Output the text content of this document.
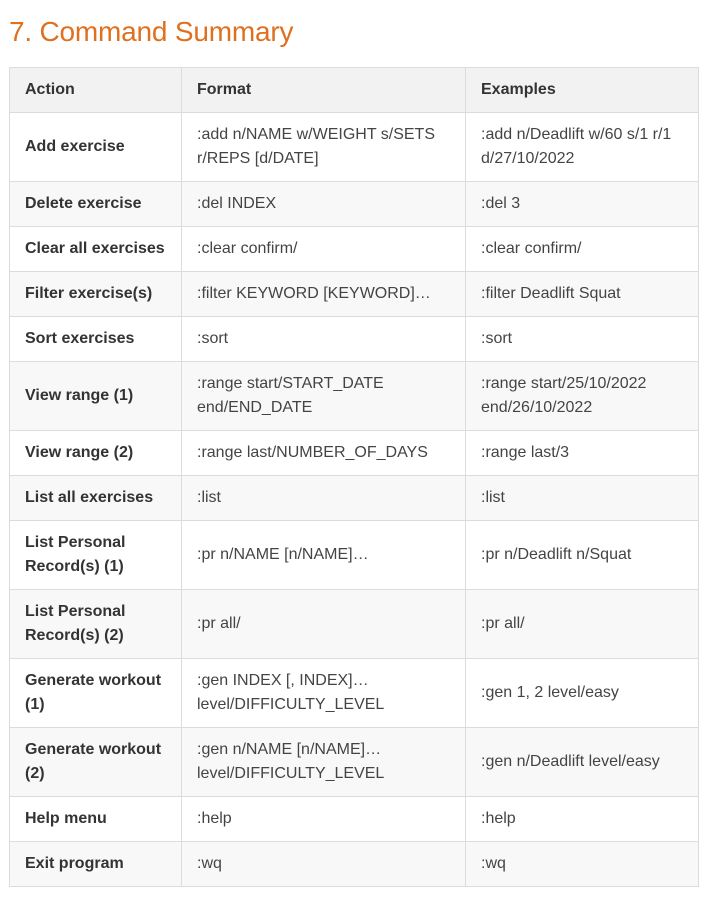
7. Command Summary
Action	Format	Examples
Add exercise	:add n/NAME w/WEIGHT s/SETS r/REPS [d/DATE]	:add n/Deadlift w/60 s/1 r/1 d/27/10/2022
Delete exercise	:del INDEX	:del 3
Clear all exercises	:clear confirm/	:clear confirm/
Filter exercise(s)	:filter KEYWORD [KEYWORD]…	:filter Deadlift Squat
Sort exercises	:sort	:sort
View range (1)	:range start/START_DATE end/END_DATE	:range start/25/10/2022 end/26/10/2022
View range (2)	:range last/NUMBER_OF_DAYS	:range last/3
List all exercises	:list	:list
List Personal Record(s) (1)	:pr n/NAME [n/NAME]…	:pr n/Deadlift n/Squat
List Personal Record(s) (2)	:pr all/	:pr all/
Generate workout (1)	:gen INDEX [, INDEX]… level/DIFFICULTY_LEVEL	:gen 1, 2 level/easy
Generate workout (2)	:gen n/NAME [n/NAME]… level/DIFFICULTY_LEVEL	:gen n/Deadlift level/easy
Help menu	:help	:help
Exit program	:wq	:wq
